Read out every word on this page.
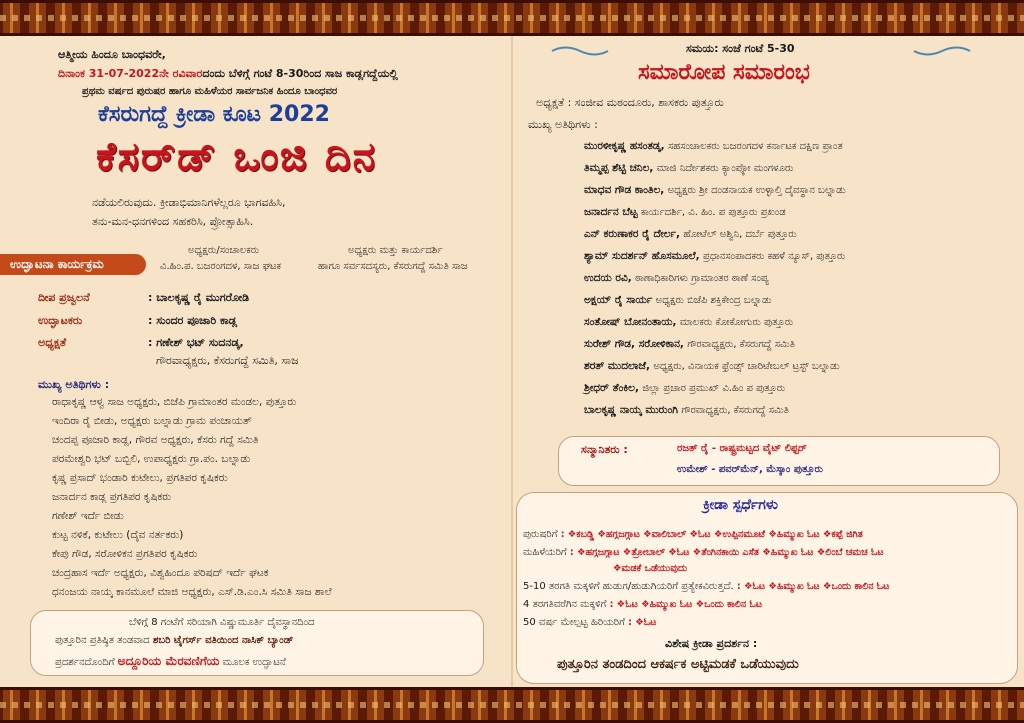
ಆತ್ಮೀಯ ಹಿಂದೂ ಬಾಂಧವರೇ,
ದಿನಾಂಕ 31-07-2022ನೇ ರವಿವಾರದಂದು ಬೆಳಿಗ್ಗೆ ಗಂಟೆ 8-30ರಿಂದ ಸಾಜ ಕಾಡ್ಲಗದ್ದೆಯಲ್ಲಿ
ಪ್ರಥಮ ವರ್ಷದ ಪುರುಷರ ಹಾಗೂ ಮಹಿಳೆಯರ ಸಾರ್ವಜನಿಕ ಹಿಂದೂ ಬಾಂಧವರ
ಕೆಸರುಗದ್ದೆ ಕ್ರೀಡಾ ಕೂಟ 2022
ಕೆಸರ್‌ಡ್ ಒಂಜಿ ದಿನ
ನಡೆಯಲಿರುವುದು. ಕ್ರೀಡಾಭಿಮಾನಿಗಳೆಲ್ಲರೂ ಭಾಗವಹಿಸಿ,
ತನು-ಮನ-ಧನಗಳಿಂದ ಸಹಕರಿಸಿ, ಪ್ರೋತ್ಸಾಹಿಸಿ.
ಉದ್ಘಾಟನಾ ಕಾರ್ಯಕ್ರಮ
ಅಧ್ಯಕ್ಷರು/ಸಂಚಾಲಕರು
ವಿ.ಹಿಂ.ಪ. ಬಜರಂಗದಳ, ಸಾಜ ಘಟಕ
ಅಧ್ಯಕ್ಷರು ಮತ್ತು ಕಾರ್ಯದರ್ಶಿ
ಹಾಗೂ ಸರ್ವಸದಸ್ಯರು, ಕೆಸರುಗದ್ದೆ ಸಮಿತಿ ಸಾಜ
ದೀಪ ಪ್ರಜ್ವಲನೆ	: ಬಾಲಕೃಷ್ಣ ರೈ ಮುಗರೋಡಿ
ಉದ್ಘಾಟಕರು	: ಸುಂದರ ಪೂಜಾರಿ ಕಾಡ್ಲ
ಅಧ್ಯಕ್ಷತೆ	: ಗಣೇಶ್ ಭಟ್ ಸುದನಡ್ಕ,
ಗೌರವಾಧ್ಯಕ್ಷರು, ಕೆಸರುಗದ್ದೆ ಸಮಿತಿ, ಸಾಜ
ಮುಖ್ಯ ಅತಿಥಿಗಳು :
ರಾಧಾಕೃಷ್ಣ ಆಳ್ವ ಸಾಜ ಅಧ್ಯಕ್ಷರು, ಬಿಜೆಪಿ ಗ್ರಾಮಾಂತರ ಮಂಡಲ, ಪುತ್ತೂರು
ಇಂದಿರಾ ರೈ ಬೀಡು, ಅಧ್ಯಕ್ಷರು ಬಲ್ನಾಡು ಗ್ರಾಮ ಪಂಚಾಯತ್
ಚಂದಪ್ಪ ಪೂಜಾರಿ ಕಾಡ್ಲ, ಗೌರವ ಅಧ್ಯಕ್ಷರು, ಕೆಸರು ಗದ್ದೆ ಸಮಿತಿ
ಪರಮೇಶ್ವರಿ ಭಟ್ ಬಬ್ಬಿಲಿ, ಉಪಾಧ್ಯಕ್ಷರು ಗ್ರಾ.ಪಂ. ಬಲ್ನಾಡು
ಕೃಷ್ಣ ಪ್ರಸಾದ್ ಭಂಡಾರಿ ಕುಟೇಲು, ಪ್ರಗತಿಪರ ಕೃಷಿಕರು
ಜನಾರ್ದನ ಕಾಡ್ಲ ಪ್ರಗತಿಪರ ಕೃಷಿಕರು
ಗಣೇಶ್ ಇರ್ದೆ ಬೀಡು
ಕುಟ್ಟ ನಳಿಕೆ, ಕುಟೇಲು (ದೈವ ನರ್ತಕರು)
ಕೇಪು ಗೌಡ, ಸರೋಳಿಕನ ಪ್ರಗತಿಪರ ಕೃಷಿಕರು
ಚಂದ್ರಹಾಸ ಇರ್ದೆ ಅಧ್ಯಕ್ಷರು, ವಿಶ್ವಹಿಂದೂ ಪರಿಷದ್ ಇರ್ದೆ ಘಟಕ
ಧನಂಜಯ ನಾಯ್ಕ ಕಾನಮೂಲೆ ಮಾಜಿ ಅಧ್ಯಕ್ಷರು, ಎಸ್.ಡಿ.ಎಂ.ಸಿ ಸಮಿತಿ ಸಾಜ ಶಾಲೆ
ಬೆಳಿಗ್ಗೆ 8 ಗಂಟೆಗೆ ಸರಿಯಾಗಿ ವಿಷ್ಣುಮೂರ್ತಿ ದೈವಸ್ಥಾನದಿಂದ
ಪುತ್ತೂರಿನ ಪ್ರತಿಷ್ಠಿತ ತಂಡವಾದ ಶಬರಿ ಟೈಗರ್ಸ್ ವತಿಯಿಂದ ನಾಸಿಕ್ ಬ್ಯಾಂಡ್
ಪ್ರದರ್ಶನದೊಂದಿಗೆ ಅದ್ದೂರಿಯ ಮೆರವಣಿಗೆಯ ಮೂಲಕ ಉದ್ಘಾಟನೆ
ಸಮಯ: ಸಂಜೆ ಗಂಟೆ 5-30
ಸಮಾರೋಪ ಸಮಾರಂಭ
ಅಧ್ಯಕ್ಷತೆ : ಸಂಜೀವ ಮಠಂದೂರು, ಶಾಸಕರು ಪುತ್ತೂರು
ಮುಖ್ಯ ಅತಿಥಿಗಳು :
ಮುರಳೀಕೃಷ್ಣ ಹಸಂತಡ್ಕ, ಸಹಸಂಚಾಲಕರು ಬಜರಂಗದಳ ಕರ್ನಾಟಕ ದಕ್ಷಿಣ ಪ್ರಾಂತ
ತಿಮ್ಮಪ್ಪ ಶೆಟ್ಟಿ ಚನಿಲ, ಮಾಜಿ ನಿರ್ದೇಶಕರು ಕ್ಯಾಂಪ್ಕೋ ಮಂಗಳೂರು
ಮಾಧವ ಗೌಡ ಕಾಂತಿಲ, ಅಧ್ಯಕ್ಷರು ಶ್ರೀ ದಂಡನಾಯಕ ಉಳ್ಳಾಲ್ತಿ ದೈವಸ್ಥಾನ ಬಲ್ನಾಡು
ಜನಾರ್ದನ ಬೆಟ್ಟ ಕಾರ್ಯದರ್ಶಿ, ವಿ. ಹಿಂ. ಪ ಪುತ್ತೂರು ಪ್ರಖಂಡ
ಎನ್ ಕರುಣಾಕರ ರೈ ದೇರ್ಲ, ಹೋಟೆಲ್ ಅಶ್ವಿನಿ, ದರ್ಬೆ ಪುತ್ತೂರು
ಶ್ಯಾಮ್ ಸುದರ್ಶನ್ ಹೊಸಮೂಲೆ, ಪ್ರಧಾನಸಂಪಾದಕರು ಕಹಳೆ ನ್ಯೂಸ್, ಪುತ್ತೂರು
ಉದಯ ರವಿ, ಠಾಣಾಧಿಕಾರಿಗಳು ಗ್ರಾಮಾಂತರ ಠಾಣೆ ಸಂಪ್ಯ
ಅಕ್ಷಯ್ ರೈ ಸಾರ್ಯ ಅಧ್ಯಕ್ಷರು ಬಿಜೆಪಿ ಶಕ್ತಿಕೇಂದ್ರ ಬಲ್ನಾಡು
ಸಂತೋಷ್ ಬೋನಂತಾಯ, ಮಾಲಕರು ಕೋಕೋಗುರು ಪುತ್ತೂರು
ಸುರೇಶ್ ಗೌಡ, ಸರೋಳಿಕಾನ, ಗೌರವಾಧ್ಯಕ್ಷರು, ಕೆಸರುಗದ್ದೆ ಸಮಿತಿ
ಶರತ್ ಮುದಲಾಜೆ, ಅಧ್ಯಕ್ಷರು, ವಿನಾಯಕ ಫ್ರೆಂಡ್ಸ್ ಚಾರಿಟೇಬಲ್ ಟ್ರಸ್ಟ್ ಬಲ್ನಾಡು
ಶ್ರೀಧರ್ ತೆಂಕಿಲ, ಜಿಲ್ಲಾ ಪ್ರಚಾರ ಪ್ರಮುಖ್ ವಿ.ಹಿಂ ಪ ಪುತ್ತೂರು
ಬಾಲಕೃಷ್ಣ ನಾಯ್ಕ ಮುರುಂಗಿ ಗೌರವಾಧ್ಯಕ್ಷರು, ಕೆಸರುಗದ್ದೆ ಸಮಿತಿ
ಸನ್ಮಾನಿತರು :	ರಜತ್ ರೈ - ರಾಷ್ಟ್ರಮಟ್ಟದ ವೈಟ್ ಲಿಫ್ಟರ್
ಉಮೇಶ್ - ಪವರ್‌ಮೆನ್, ಮೆಸ್ಕಾಂ ಪುತ್ತೂರು
ಕ್ರೀಡಾ ಸ್ಪರ್ಧೆಗಳು
ಪುರುಷರಿಗೆ : ❖ಕಬಡ್ಡಿ ❖ಹಗ್ಗಜಗ್ಗಾಟ ❖ವಾಲಿಬಾಲ್ ❖ಓಟ ❖ಉಪ್ಪಿನಮೂಟೆ ❖ಹಿಮ್ಮುಖ ಓಟ ❖ಕಪ್ಪೆ ಜಿಗಿತ
ಮಹಿಳೆಯರಿಗೆ : ❖ಹಗ್ಗಜಗ್ಗಾಟ ❖ತ್ರೋಬಾಲ್ ❖ಓಟ ❖ತೆಂಗಿನಕಾಯಿ ಎಸೆತ ❖ಹಿಮ್ಮುಖ ಓಟ ❖ಲಿಂಬೆ ಚಮಚ ಓಟ
❖ಮಡಕೆ ಒಡೆಯುವುದು
5-10 ತರಗತಿ ಮಕ್ಕಳಿಗೆ ಹುಡುಗ/ಹುಡುಗಿಯರಿಗೆ ಪ್ರತ್ಯೇಕವಿರುತ್ತದೆ. : ❖ಓಟ ❖ಹಿಮ್ಮುಖ ಓಟ ❖ಒಂದು ಕಾಲಿನ ಓಟ
4 ತರಗತಿವರೆಗಿನ ಮಕ್ಕಳಿಗೆ : ❖ಓಟ ❖ಹಿಮ್ಮುಖ ಓಟ ❖ಒಂದು ಕಾಲಿನ ಓಟ
50 ವರ್ಷ ಮೇಲ್ಪಟ್ಟ ಹಿರಿಯರಿಗೆ : ❖ಓಟ
ವಿಶೇಷ ಕ್ರೀಡಾ ಪ್ರದರ್ಶನ :
ಪುತ್ತೂರಿನ ತಂಡದಿಂದ ಆಕರ್ಷಕ ಅಟ್ಟಿಮಡಕೆ ಒಡೆಯುವುದು
